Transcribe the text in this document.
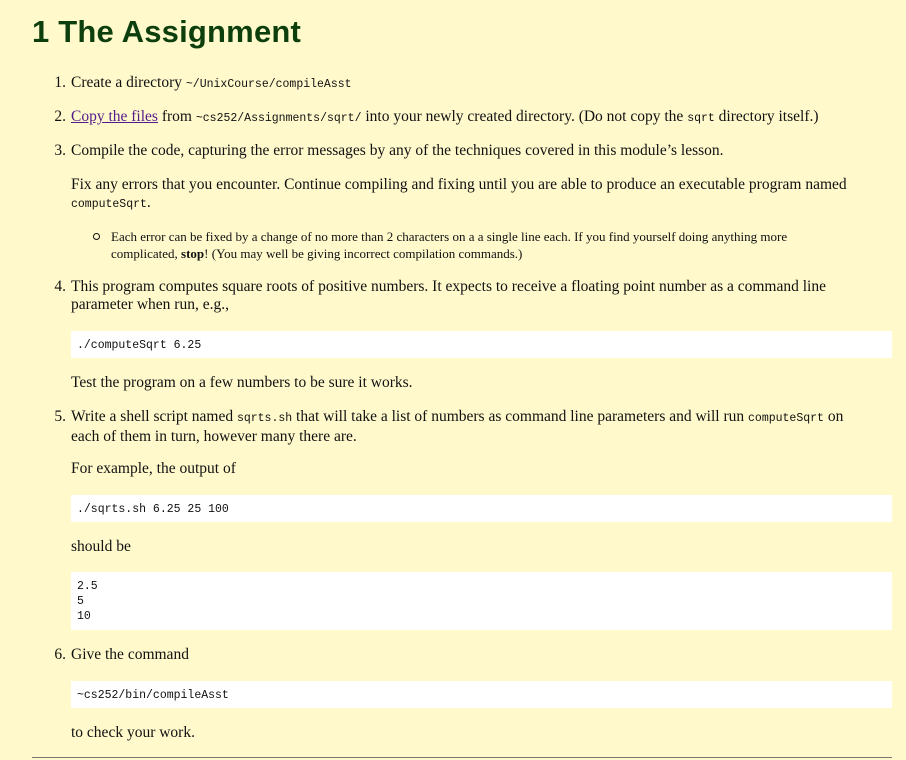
1 The Assignment
1. Create a directory ~/UnixCourse/compileAsst
2. Copy the files from ~cs252/Assignments/sqrt/ into your newly created directory. (Do not copy the sqrt directory itself.)
3. Compile the code, capturing the error messages by any of the techniques covered in this module’s lesson.
Fix any errors that you encounter. Continue compiling and fixing until you are able to produce an executable program named computeSqrt.
Each error can be fixed by a change of no more than 2 characters on a a single line each. If you find yourself doing anything more
complicated, stop! (You may well be giving incorrect compilation commands.)
4. This program computes square roots of positive numbers. It expects to receive a floating point number as a command line
parameter when run, e.g.,
./computeSqrt 6.25
Test the program on a few numbers to be sure it works.
5. Write a shell script named sqrts.sh that will take a list of numbers as command line parameters and will run computeSqrt on
each of them in turn, however many there are.
For example, the output of
./sqrts.sh 6.25 25 100
should be
2.5
5
10
6. Give the command
~cs252/bin/compileAsst
to check your work.
